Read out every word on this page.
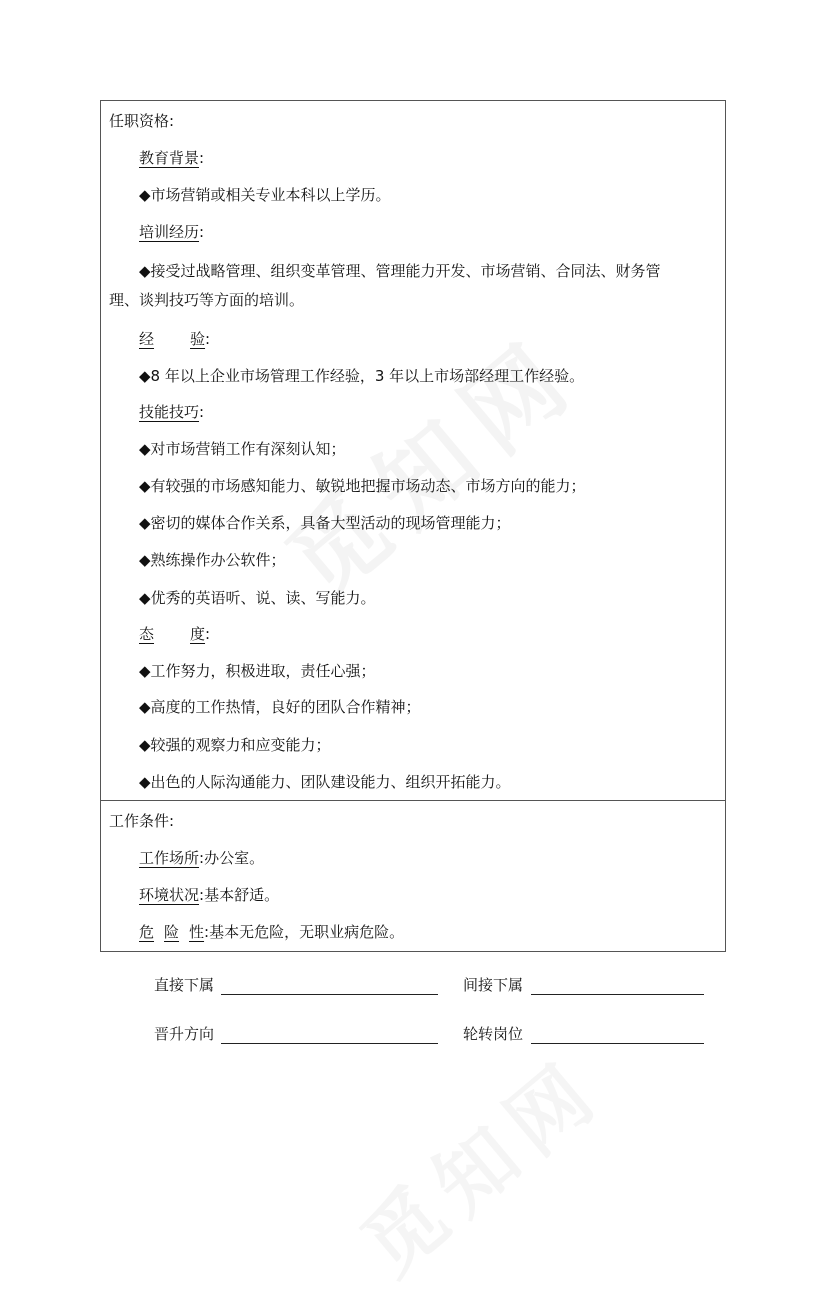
任职资格:
教育背景:
◆市场营销或相关专业本科以上学历。
培训经历:
◆接受过战略管理、组织变革管理、管理能力开发、市场营销、合同法、财务管
理、谈判技巧等方面的培训。
经 验:
◆8 年以上企业市场管理工作经验，3 年以上市场部经理工作经验。
技能技巧:
◆对市场营销工作有深刻认知；
◆有较强的市场感知能力、敏锐地把握市场动态、市场方向的能力；
◆密切的媒体合作关系，具备大型活动的现场管理能力；
◆熟练操作办公软件；
◆优秀的英语听、说、读、写能力。
态 度:
◆工作努力，积极进取，责任心强；
◆高度的工作热情，良好的团队合作精神；
◆较强的观察力和应变能力；
◆出色的人际沟通能力、团队建设能力、组织开拓能力。
工作条件:
工作场所:办公室。
环境状况:基本舒适。
危 险 性:基本无危险，无职业病危险。
直接下属	间接下属
晋升方向	轮转岗位
